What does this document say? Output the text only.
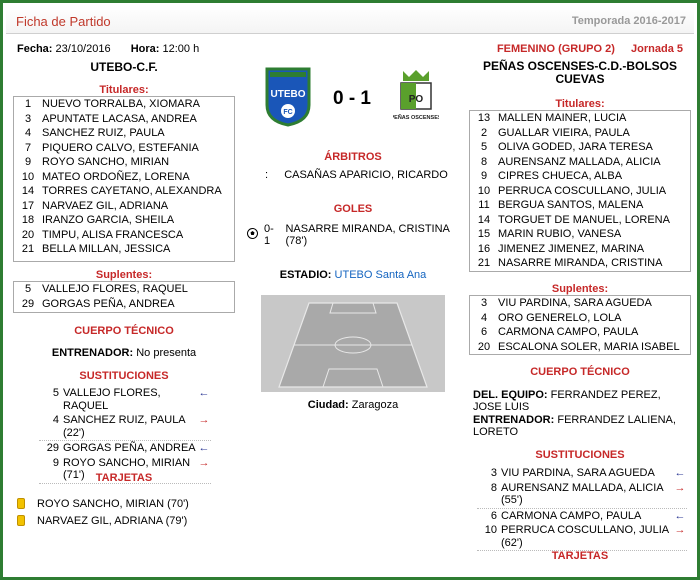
Ficha de Partido	Temporada 2016-2017
Fecha: 23/10/2016 Hora: 12:00 h	FEMENINO (GRUPO 2) Jornada 5
UTEBO-C.F.
Titulares:
1 NUEVO TORRALBA, XIOMARA
3 APUNTATE LACASA, ANDREA
4 SANCHEZ RUIZ, PAULA
7 PIQUERO CALVO, ESTEFANIA
9 ROYO SANCHO, MIRIAN
10 MATEO ORDOÑEZ, LORENA
14 TORRES CAYETANO, ALEXANDRA
17 NARVAEZ GIL, ADRIANA
18 IRANZO GARCIA, SHEILA
20 TIMPU, ALISA FRANCESCA
21 BELLA MILLAN, JESSICA
Suplentes:
5 VALLEJO FLORES, RAQUEL
29 GORGAS PEÑA, ANDREA
CUERPO TÉCNICO
ENTRENADOR: No presenta
SUSTITUCIONES
5 VALLEJO FLORES, RAQUEL
←
4 SANCHEZ RUIZ, PAULA (22')
→
29 GORGAS PEÑA, ANDREA ←
9 ROYO SANCHO, MIRIAN (71')
→
TARJETAS
ROYO SANCHO, MIRIAN (70')
NARVAEZ GIL, ADRIANA (79')
UTEBO
FC
0 - 1	PO
PEÑAS OSCENSES
ÁRBITROS
: CASAÑAS APARICIO, RICARDO
GOLES
0-1
NASARRE MIRANDA, CRISTINA (78')
ESTADIO: UTEBO Santa Ana
Ciudad: Zaragoza
PEÑAS OSCENSES-C.D.-BOLSOS CUEVAS
Titulares:
13 MALLEN MAINER, LUCIA
2 GUALLAR VIEIRA, PAULA
5 OLIVA GODED, JARA TERESA
8 AURENSANZ MALLADA, ALICIA
9 CIPRES CHUECA, ALBA
10 PERRUCA COSCULLANO, JULIA
11 BERGUA SANTOS, MALENA
14 TORGUET DE MANUEL, LORENA
15 MARIN RUBIO, VANESA
16 JIMENEZ JIMENEZ, MARINA
21 NASARRE MIRANDA, CRISTINA
Suplentes:
3 VIU PARDINA, SARA AGUEDA
4 ORO GENERELO, LOLA
6 CARMONA CAMPO, PAULA
20 ESCALONA SOLER, MARIA ISABEL
CUERPO TÉCNICO
DEL. EQUIPO: FERRANDEZ PEREZ, JOSE LUIS
ENTRENADOR: FERRANDEZ LALIENA, LORETO
SUSTITUCIONES
3 VIU PARDINA, SARA AGUEDA	←
8 AURENSANZ MALLADA, ALICIA (55')
→
6 CARMONA CAMPO, PAULA	←
10 PERRUCA COSCULLANO, JULIA (62')
→
TARJETAS
